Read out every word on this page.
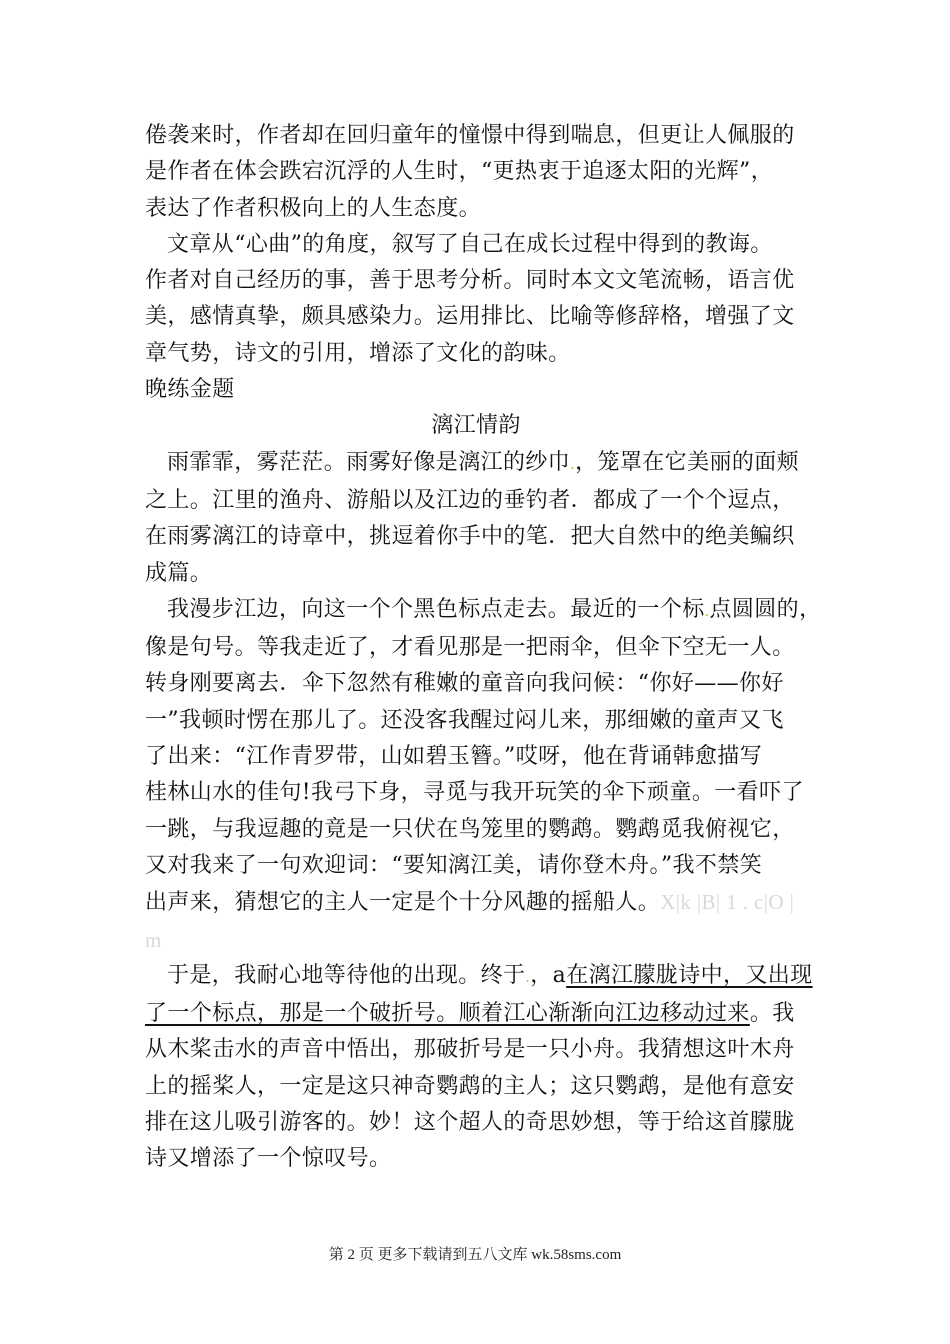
倦袭来时，作者却在回归童年的憧憬中得到喘息，但更让人佩服的
是作者在体会跌宕沉浮的人生时，“更热衷于追逐太阳的光辉”，
表达了作者积极向上的人生态度。
文章从“心曲”的角度，叙写了自己在成长过程中得到的教诲。
作者对自己经历的事，善于思考分析。同时本文文笔流畅，语言优
美，感情真挚，颇具感染力。运用排比、比喻等修辞格，增强了文
章气势，诗文的引用，增添了文化的韵味。
晚练金题
漓江情韵
雨霏霏，雾茫茫。雨雾好像是漓江的纱巾.，笼罩在它美丽的面颊
之上。江里的渔舟、游船以及江边的垂钓者．都成了一个个逗点，
在雨雾漓江的诗章中，挑逗着你手中的笔．把大自然中的绝美鳊织
成篇。
我漫步江边，向这一个个黑色标点走去。最近的一个标.点圆圆的，
像是句号。等我走近了，才看见那是一把雨伞，但伞下空无一人。
转身刚要离去．伞下忽然有稚嫩的童音向我问候：“你好——你好
一”我顿时愣在那儿了。还没客我醒过闷儿来，那细嫩的童声又飞
了出来：“江作青罗带，山如碧玉簪。”哎呀，他在背诵韩愈描写
桂林山水的佳句!我弓下身，寻觅与我开玩笑的伞下顽童。一看吓了
一跳，与我逗趣的竟是一只伏在鸟笼里的鹦鹉。鹦鹉觅我俯视它，
又对我来了一句欢迎词：“要知漓江美，请你登木舟。”我不禁笑
出声来，猜想它的主人一定是个十分风趣的摇船人。X|k |B| 1 . c|O |
m
于是，我耐心地等待他的出现。终于.，a在漓江朦胧诗中，又出现
了一个标点，那是一个破折号。顺着江心渐渐向江边移动过来。我
从木桨击水的声音中悟出，那破折号是一只小舟。我猜想这叶木舟
上的摇桨人，一定是这只神奇鹦鹉的主人；这只鹦鹉，是他有意安
排在这儿吸引游客的。妙！这个超人的奇思妙想，等于给这首朦胧
诗又增添了一个惊叹号。
第 2 页 更多下载请到五八文库 wk.58sms.com
